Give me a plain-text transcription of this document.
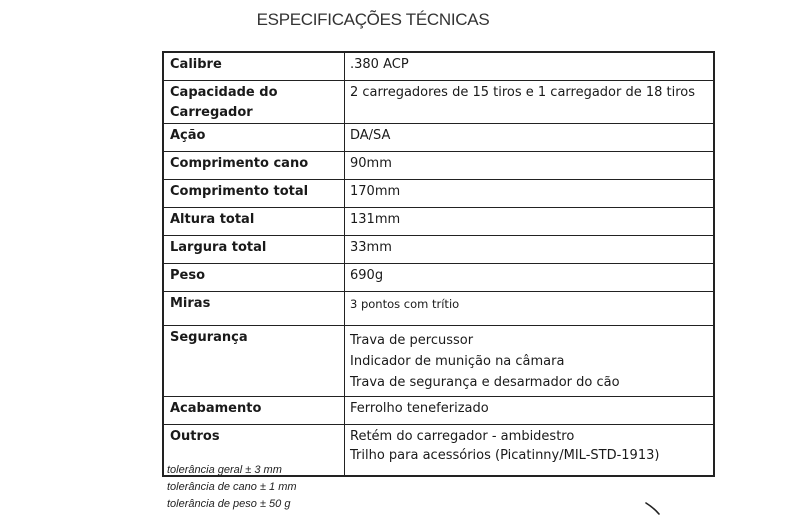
ESPECIFICAÇÕES TÉCNICAS
Calibre	.380 ACP
Capacidade do Carregador	2 carregadores de 15 tiros e 1 carregador de 18 tiros
Ação	DA/SA
Comprimento cano	90mm
Comprimento total	170mm
Altura total	131mm
Largura total	33mm
Peso	690g
Miras	3 pontos com trítio
Segurança	Trava de percussor
Indicador de munição na câmara
Trava de segurança e desarmador do cão

Acabamento	Ferrolho teneferizado
Outros	Retém do carregador - ambidestro
Trilho para acessórios (Picatinny/MIL-STD-1913)
tolerância geral ± 3 mm
tolerância de cano ± 1 mm
tolerância de peso ± 50 g
